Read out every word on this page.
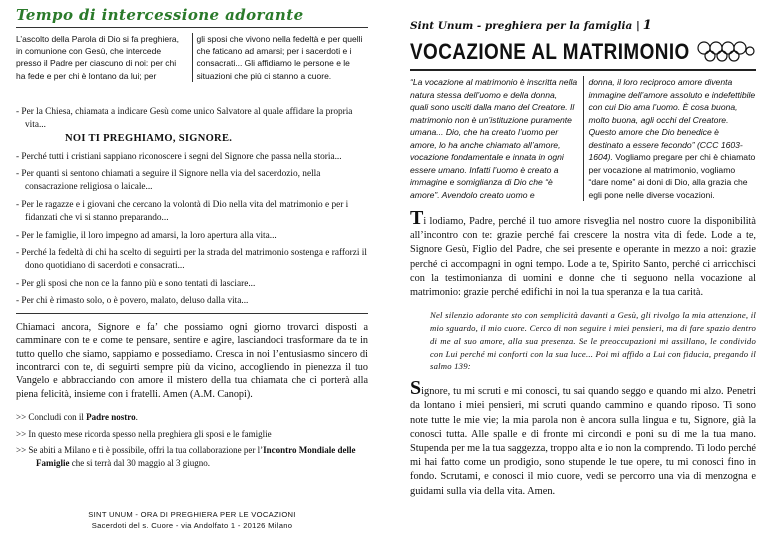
Tempo di intercessione adorante
L’ascolto della Parola di Dio si fa preghiera, in comunione con Gesù, che intercede presso il Padre per ciascuno di noi: per chi ha fede e per chi è lontano da lui; per
gli sposi che vivono nella fedeltà e per quelli che faticano ad amarsi; per i sacerdoti e i consacrati... Gli affidiamo le persone e le situazioni che più ci stanno a cuore.
- Per la Chiesa, chiamata a indicare Gesù come unico Salvatore al quale affidare la propria vita...
NOI TI PREGHIAMO, SIGNORE.
- Perché tutti i cristiani sappiano riconoscere i segni del Signore che passa nella storia...
- Per quanti si sentono chiamati a seguire il Signore nella via del sacerdozio, nella consacrazione religiosa o laicale...
- Per le ragazze e i giovani che cercano la volontà di Dio nella vita del matrimonio e per i fidanzati che vi si stanno preparando...
- Per le famiglie, il loro impegno ad amarsi, la loro apertura alla vita...
- Perché la fedeltà di chi ha scelto di seguirti per la strada del matrimonio sostenga e rafforzi il dono quotidiano di sacerdoti e consacrati...
- Per gli sposi che non ce la fanno più e sono tentati di lasciare...
- Per chi è rimasto solo, o è povero, malato, deluso dalla vita...
Chiamaci ancora, Signore e fa’ che possiamo ogni giorno trovarci disposti a camminare con te e come te pensare, sentire e agire, lasciandoci trasformare da te in tutto quello che siamo, sappiamo e possediamo. Cresca in noi l’entusiasmo sincero di incontrarci con te, di seguirti sempre più da vicino, accogliendo in pienezza il tuo Vangelo e abbracciando con amore il mistero della tua chiamata che ci porterà alla piena felicità, insieme con i fratelli. Amen (A.M. Canopi).
>> Concludi con il Padre nostro.
>> In questo mese ricorda spesso nella preghiera gli sposi e le famiglie
>> Se abiti a Milano e ti è possibile, offri la tua collaborazione per l’Incontro Mondiale delle Famiglie che si terrà dal 30 maggio al 3 giugno.
SINT UNUM - ORA DI PREGHIERA PER LE VOCAZIONI
Sacerdoti del s. Cuore - via Andolfato 1 - 20126 Milano
Sint Unum - preghiera per la famiglia | 1
VOCAZIONE AL MATRIMONIO
“La vocazione al matrimonio è inscritta nella natura stessa dell’uomo e della donna, quali sono usciti dalla mano del Creatore. Il matrimonio non è un’istituzione puramente umana... Dio, che ha creato l’uomo per amore, lo ha anche chiamato all’amore, vocazione fondamentale e innata in ogni essere umano. Infatti l’uomo è creato a immagine e somiglianza di Dio che “è amore”. Avendolo creato uomo e
donna, il loro reciproco amore diventa immagine dell’amore assoluto e indefettibile con cui Dio ama l’uomo. È cosa buona, molto buona, agli occhi del Creatore. Questo amore che Dio benedice è destinato a essere fecondo” (CCC 1603-1604). Vogliamo pregare per chi è chiamato per vocazione al matrimonio, vogliamo “dare nome” ai doni di Dio, alla grazia che egli pone nelle diverse vocazioni.
Ti lodiamo, Padre, perché il tuo amore risveglia nel nostro cuore la disponibilità all’incontro con te: grazie perché fai crescere la nostra vita di fede. Lode a te, Signore Gesù, Figlio del Padre, che sei presente e operante in mezzo a noi: grazie perché ci accompagni in ogni tempo. Lode a te, Spirito Santo, perché ci arricchisci con la testimonianza di uomini e donne che ti seguono nella vocazione al matrimonio: grazie perché edifichi in noi la tua speranza e la tua carità.
Nel silenzio adorante sto con semplicità davanti a Gesù, gli rivolgo la mia attenzione, il mio sguardo, il mio cuore. Cerco di non seguire i miei pensieri, ma di fare spazio dentro di me al suo amore, alla sua presenza. Se le preoccupazioni mi assillano, le condivido con Lui perché mi conforti con la sua luce... Poi mi affido a Lui con fiducia, pregando il salmo 139:
Signore, tu mi scruti e mi conosci, tu sai quando seggo e quando mi alzo. Penetri da lontano i miei pensieri, mi scruti quando cammino e quando riposo. Ti sono note tutte le mie vie; la mia parola non è ancora sulla lingua e tu, Signore, già la conosci tutta. Alle spalle e di fronte mi circondi e poni su di me la tua mano. Stupenda per me la tua saggezza, troppo alta e io non la comprendo. Ti lodo perché mi hai fatto come un prodigio, sono stupende le tue opere, tu mi conosci fino in fondo. Scrutami, e conosci il mio cuore, vedi se percorro una via di menzogna e guidami sulla via della vita. Amen.
